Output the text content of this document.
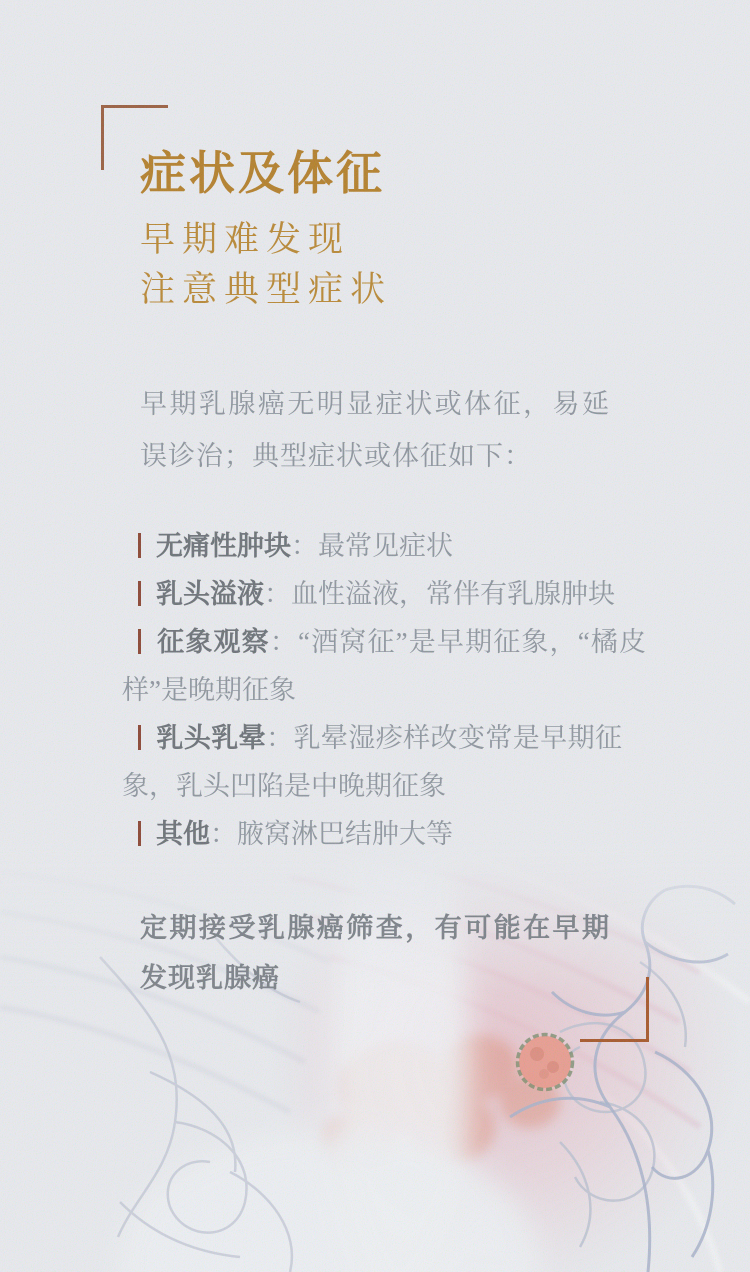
症状及体征
早期难发现
注意典型症状
早期乳腺癌无明显症状或体征，易延误诊治；典型症状或体征如下：
无痛性肿块：最常见症状
乳头溢液：血性溢液，常伴有乳腺肿块
征象观察：“酒窝征”是早期征象，“橘皮样”是晚期征象
乳头乳晕：乳晕湿疹样改变常是早期征象，乳头凹陷是中晚期征象
其他：腋窝淋巴结肿大等
定期接受乳腺癌筛查，有可能在早期发现乳腺癌
